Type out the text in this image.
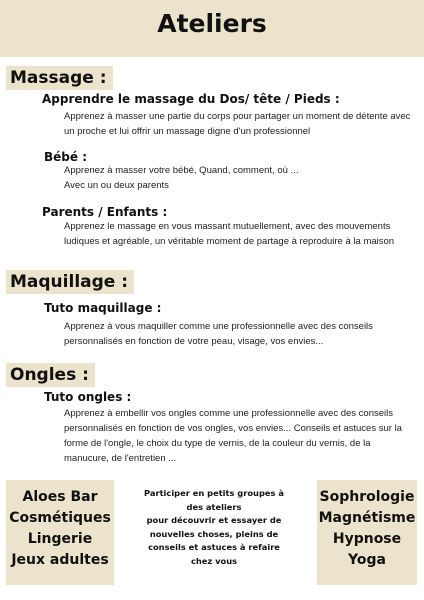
Ateliers
Massage :
Apprendre le massage du Dos/ tête / Pieds :
Apprenez à masser une partie du corps pour partager un moment de détente avec
un proche et lui offrir un massage digne d'un professionnel
Bébé :
Apprenez à masser votre bébé, Quand, comment, où ...
Avec un ou deux parents
Parents / Enfants :
Apprenez le massage en vous massant mutuellement, avec des mouvements
ludiques et agréable, un véritable moment de partage à reproduire à la maison
Maquillage :
Tuto maquillage :
Apprenez à vous maquiller comme une professionnelle avec des conseils
personnalisés en fonction de votre peau, visage, vos envies...
Ongles :
Tuto ongles :
Apprenez à embellir vos ongles comme une professionnelle avec des conseils
personnalisés en fonction de vos ongles, vos envies... Conseils et astuces sur la
forme de l'ongle, le choix du type de vernis, de la couleur du vernis, de la
manucure, de l'entretien ...
Aloes Bar
Cosmétiques
Lingerie
Jeux adultes
Participer en petits groupes à
des ateliers
pour découvrir et essayer de
nouvelles choses, pleins de
conseils et astuces à refaire
chez vous
Sophrologie
Magnétisme
Hypnose
Yoga
